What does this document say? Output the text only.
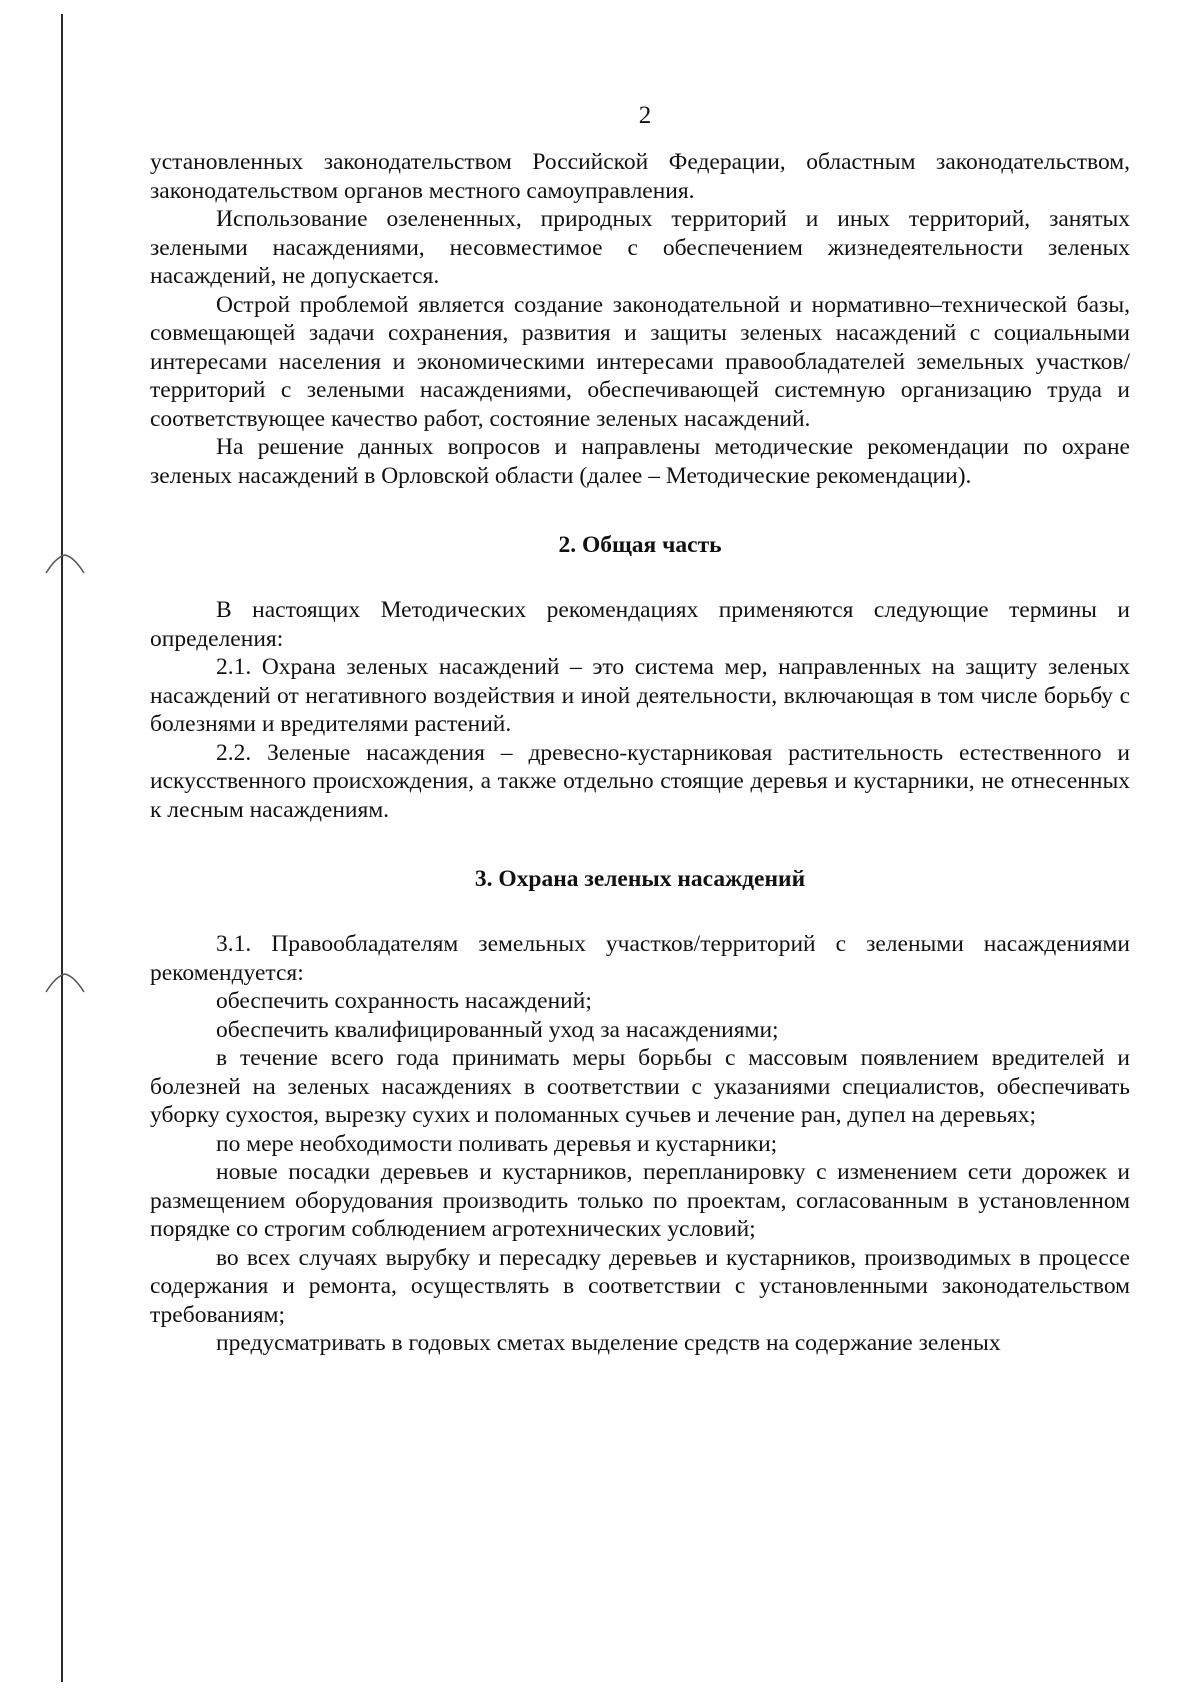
2

установленных законодательством Российской Федерации, областным законодательством, законодательством органов местного самоуправления.

Использование озелененных, природных территорий и иных территорий, занятых зелеными насаждениями, несовместимое с обеспечением жизнедеятельности зеленых насаждений, не допускается.

Острой проблемой является создание законодательной и нормативно–технической базы, совмещающей задачи сохранения, развития и защиты зеленых насаждений с социальными интересами населения и экономическими интересами правообладателей земельных участков/территорий с зелеными насаждениями, обеспечивающей системную организацию труда и соответствующее качество работ, состояние зеленых насаждений.

На решение данных вопросов и направлены методические рекомендации по охране зеленых насаждений в Орловской области (далее – Методические рекомендации).

2. Общая часть

В настоящих Методических рекомендациях применяются следующие термины и определения:

2.1. Охрана зеленых насаждений – это система мер, направленных на защиту зеленых насаждений от негативного воздействия и иной деятельности, включающая в том числе борьбу с болезнями и вредителями растений.

2.2. Зеленые насаждения – древесно-кустарниковая растительность естественного и искусственного происхождения, а также отдельно стоящие деревья и кустарники, не отнесенных к лесным насаждениям.

3. Охрана зеленых насаждений

3.1. Правообладателям земельных участков/территорий с зелеными насаждениями рекомендуется:

обеспечить сохранность насаждений;

обеспечить квалифицированный уход за насаждениями;

в течение всего года принимать меры борьбы с массовым появлением вредителей и болезней на зеленых насаждениях в соответствии с указаниями специалистов, обеспечивать уборку сухостоя, вырезку сухих и поломанных сучьев и лечение ран, дупел на деревьях;

по мере необходимости поливать деревья и кустарники;

новые посадки деревьев и кустарников, перепланировку с изменением сети дорожек и размещением оборудования производить только по проектам, согласованным в установленном порядке со строгим соблюдением агротехнических условий;

во всех случаях вырубку и пересадку деревьев и кустарников, производимых в процессе содержания и ремонта, осуществлять в соответствии с установленными законодательством требованиям;

предусматривать в годовых сметах выделение средств на содержание зеленых
